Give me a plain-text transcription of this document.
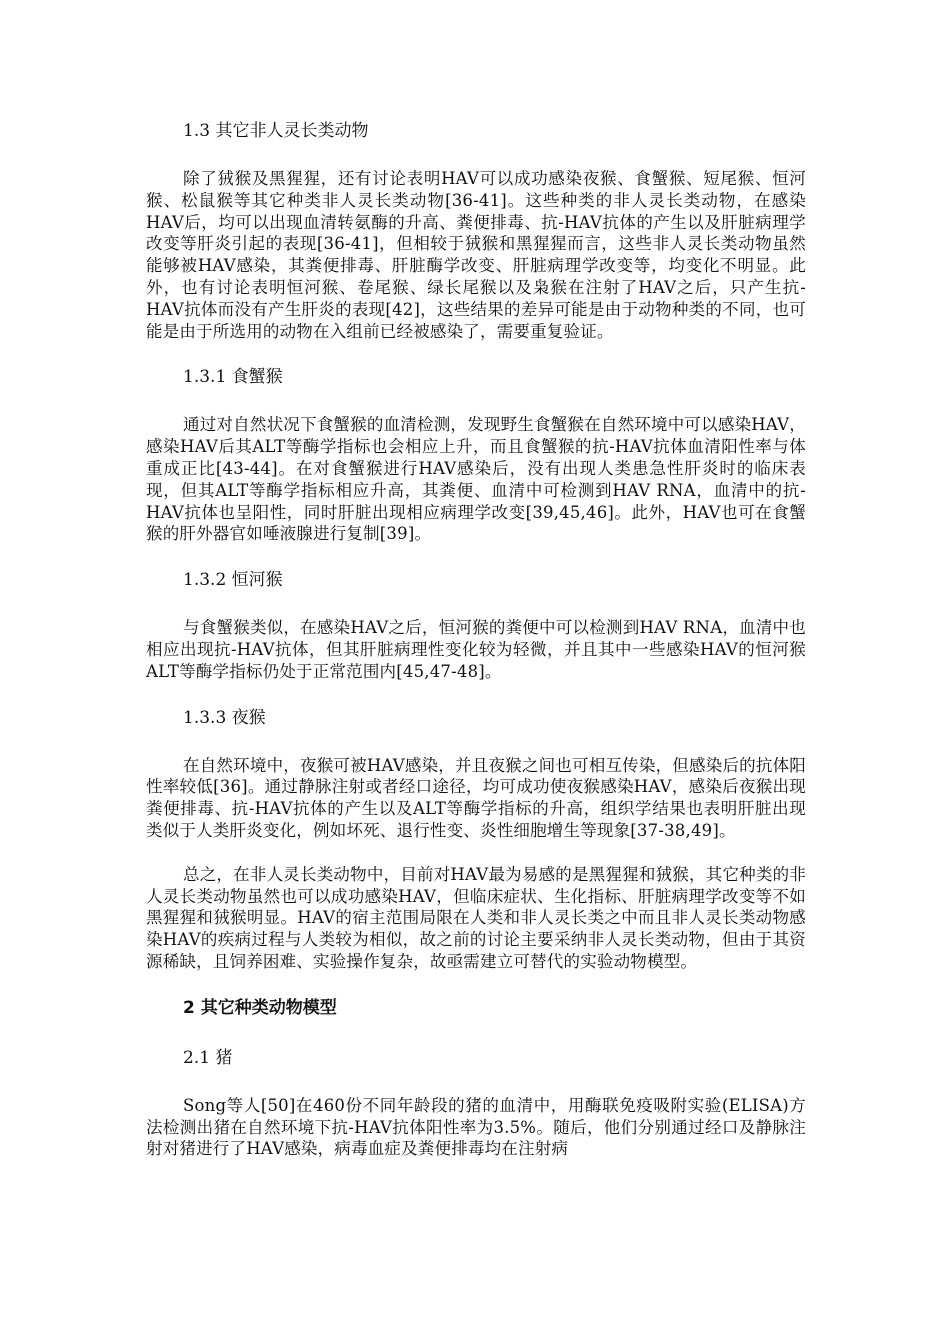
1.3 其它非人灵长类动物

除了狨猴及黑猩猩，还有讨论表明HAV可以成功感染夜猴、食蟹猴、短尾猴、恒河猴、松鼠猴等其它种类非人灵长类动物[36-41]。这些种类的非人灵长类动物，在感染HAV后，均可以出现血清转氨酶的升高、粪便排毒、抗-HAV抗体的产生以及肝脏病理学改变等肝炎引起的表现[36-41]，但相较于狨猴和黑猩猩而言，这些非人灵长类动物虽然能够被HAV感染，其粪便排毒、肝脏酶学改变、肝脏病理学改变等，均变化不明显。此外，也有讨论表明恒河猴、卷尾猴、绿长尾猴以及枭猴在注射了HAV之后，只产生抗-HAV抗体而没有产生肝炎的表现[42]，这些结果的差异可能是由于动物种类的不同，也可能是由于所选用的动物在入组前已经被感染了，需要重复验证。

1.3.1 食蟹猴

通过对自然状况下食蟹猴的血清检测，发现野生食蟹猴在自然环境中可以感染HAV，感染HAV后其ALT等酶学指标也会相应上升，而且食蟹猴的抗-HAV抗体血清阳性率与体重成正比[43-44]。在对食蟹猴进行HAV感染后，没有出现人类患急性肝炎时的临床表现，但其ALT等酶学指标相应升高，其粪便、血清中可检测到HAV RNA，血清中的抗-HAV抗体也呈阳性，同时肝脏出现相应病理学改变[39,45,46]。此外，HAV也可在食蟹猴的肝外器官如唾液腺进行复制[39]。

1.3.2 恒河猴

与食蟹猴类似，在感染HAV之后，恒河猴的粪便中可以检测到HAV RNA，血清中也相应出现抗-HAV抗体，但其肝脏病理性变化较为轻微，并且其中一些感染HAV的恒河猴ALT等酶学指标仍处于正常范围内[45,47-48]。

1.3.3 夜猴

在自然环境中，夜猴可被HAV感染，并且夜猴之间也可相互传染，但感染后的抗体阳性率较低[36]。通过静脉注射或者经口途径，均可成功使夜猴感染HAV，感染后夜猴出现粪便排毒、抗-HAV抗体的产生以及ALT等酶学指标的升高，组织学结果也表明肝脏出现类似于人类肝炎变化，例如坏死、退行性变、炎性细胞增生等现象[37-38,49]。

总之，在非人灵长类动物中，目前对HAV最为易感的是黑猩猩和狨猴，其它种类的非人灵长类动物虽然也可以成功感染HAV，但临床症状、生化指标、肝脏病理学改变等不如黑猩猩和狨猴明显。HAV的宿主范围局限在人类和非人灵长类之中而且非人灵长类动物感染HAV的疾病过程与人类较为相似，故之前的讨论主要采纳非人灵长类动物，但由于其资源稀缺，且饲养困难、实验操作复杂，故亟需建立可替代的实验动物模型。

2 其它种类动物模型
2.1 猪

Song等人[50]在460份不同年龄段的猪的血清中，用酶联免疫吸附实验(ELISA)方法检测出猪在自然环境下抗-HAV抗体阳性率为3.5%。随后，他们分别通过经口及静脉注射对猪进行了HAV感染，病毒血症及粪便排毒均在注射病
